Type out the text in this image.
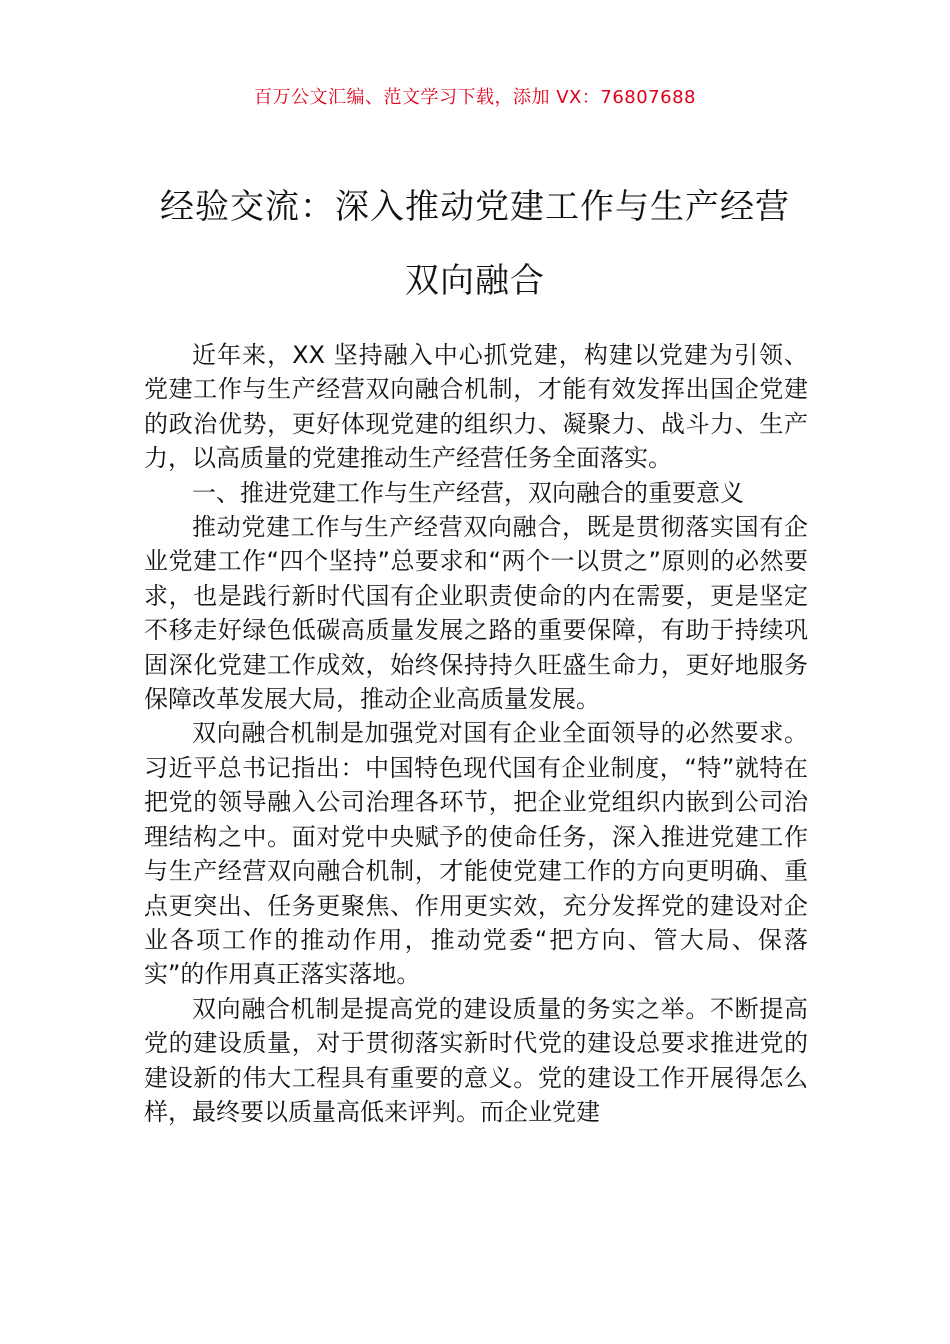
百万公文汇编、范文学习下载，添加 VX：76807688
经验交流：深入推动党建工作与生产经营
双向融合

近年来，XX 坚持融入中心抓党建，构建以党建为引领、党建工作与生产经营双向融合机制，才能有效发挥出国企党建的政治优势，更好体现党建的组织力、凝聚力、战斗力、生产力，以高质量的党建推动生产经营任务全面落实。

一、推进党建工作与生产经营，双向融合的重要意义

推动党建工作与生产经营双向融合，既是贯彻落实国有企业党建工作“四个坚持”总要求和“两个一以贯之”原则的必然要求，也是践行新时代国有企业职责使命的内在需要，更是坚定不移走好绿色低碳高质量发展之路的重要保障，有助于持续巩固深化党建工作成效，始终保持持久旺盛生命力，更好地服务保障改革发展大局，推动企业高质量发展。

双向融合机制是加强党对国有企业全面领导的必然要求。习近平总书记指出：中国特色现代国有企业制度，“特”就特在把党的领导融入公司治理各环节，把企业党组织内嵌到公司治理结构之中。面对党中央赋予的使命任务，深入推进党建工作与生产经营双向融合机制，才能使党建工作的方向更明确、重点更突出、任务更聚焦、作用更实效，充分发挥党的建设对企业各项工作的推动作用，推动党委“把方向、管大局、保落实”的作用真正落实落地。

双向融合机制是提高党的建设质量的务实之举。不断提高党的建设质量，对于贯彻落实新时代党的建设总要求推进党的建设新的伟大工程具有重要的意义。党的建设工作开展得怎么样，最终要以质量高低来评判。而企业党建
